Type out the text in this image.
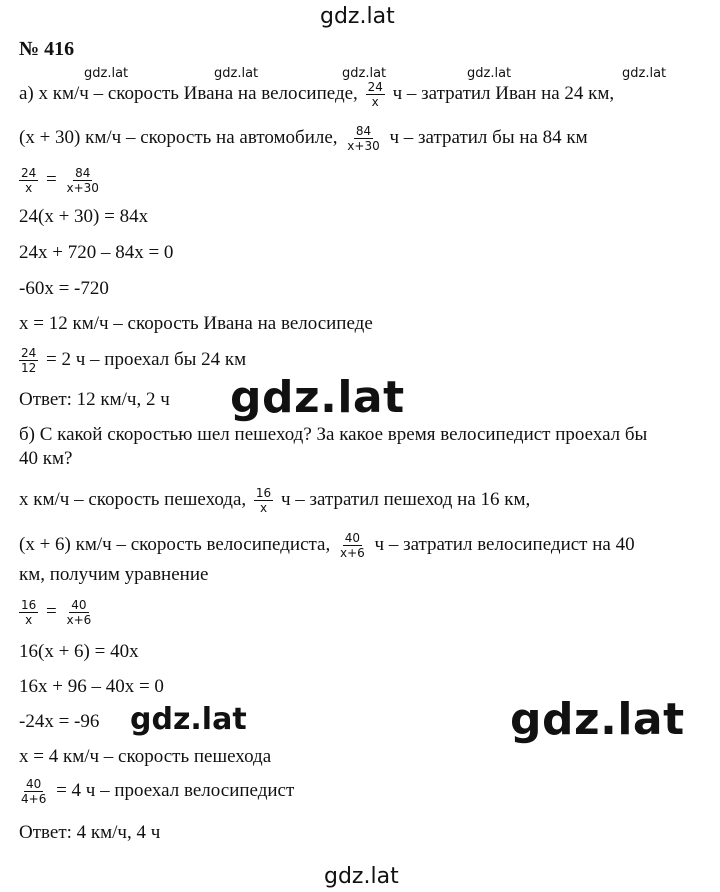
gdz.lat
gdz.lat	gdz.lat	gdz.lat	gdz.lat	gdz.lat
gdz.lat
gdz.lat	gdz.lat
gdz.lat
№ 416
а) x км/ч – скорость Ивана на велосипеде, $\frac{24}{x}$ ч – затратил Иван на 24 км,
(x + 30) км/ч – скорость на автомобиле, $\frac{84}{x+30}$ ч – затратил бы на 84 км
$\frac{24}{x} = \frac{84}{x+30}$
24(x + 30) = 84x
24x + 720 – 84x = 0
-60x = -720
x = 12 км/ч – скорость Ивана на велосипеде
$\frac{24}{12} = 2$ ч – проехал бы 24 км
Ответ: 12 км/ч, 2 ч
б) С какой скоростью шел пешеход? За какое время велосипедист проехал бы
40 км?
x км/ч – скорость пешехода, $\frac{16}{x}$ ч – затратил пешеход на 16 км,
(x + 6) км/ч – скорость велосипедиста, $\frac{40}{x+6}$ ч – затратил велосипедист на 40
км, получим уравнение
$\frac{16}{x} = \frac{40}{x+6}$
16(x + 6) = 40x
16x + 96 – 40x = 0
-24x = -96
x = 4 км/ч – скорость пешехода
$\frac{40}{4+6} = 4$ ч – проехал велосипедист
Ответ: 4 км/ч, 4 ч
